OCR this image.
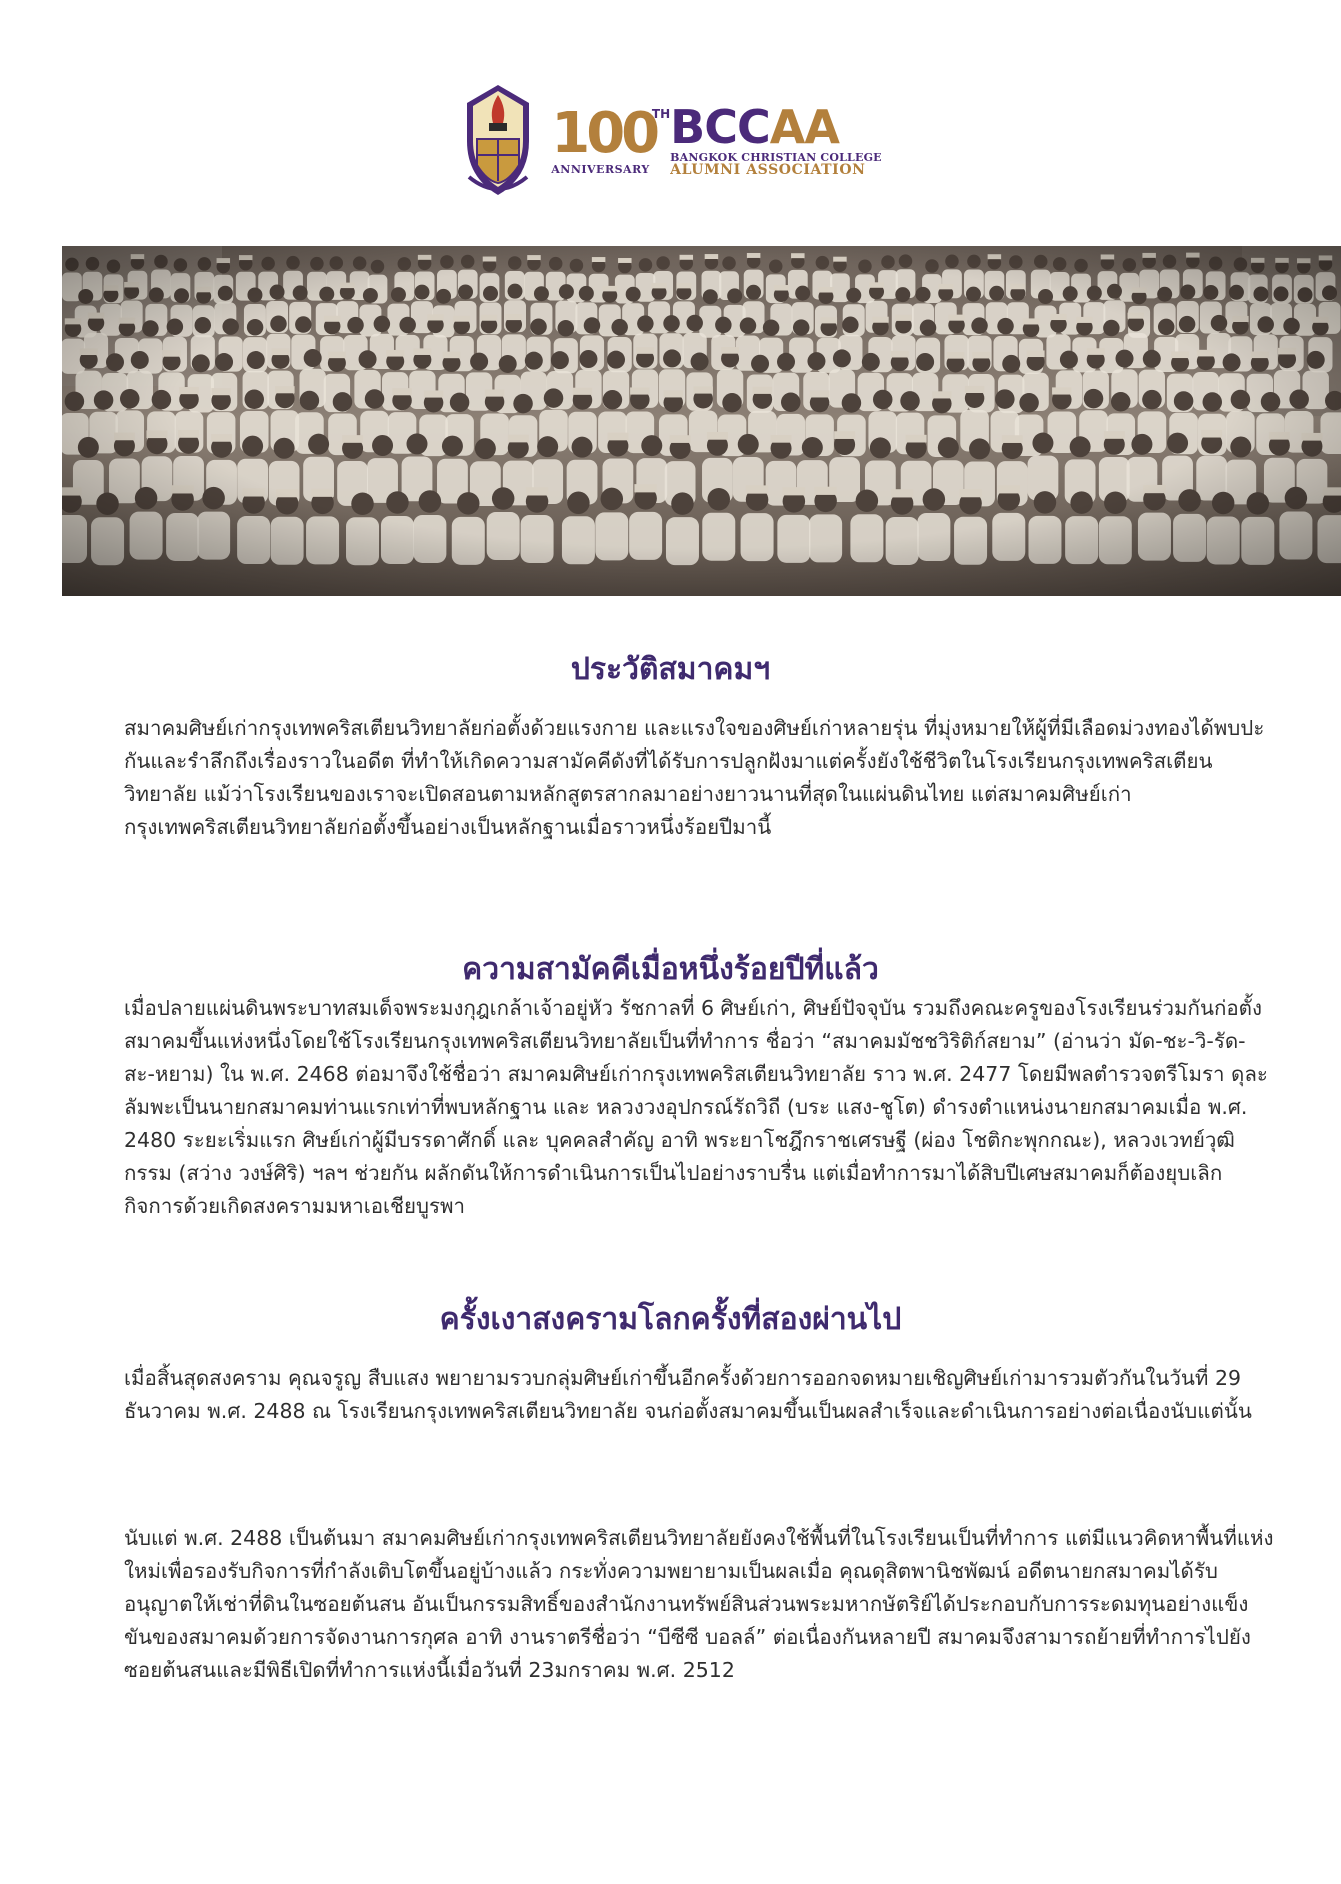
100
TH
ANNIVERSARY
BCCAA
BANGKOK CHRISTIAN COLLEGE
ALUMNI ASSOCIATION
ประวัติสมาคมฯ

สมาคมศิษย์เก่ากรุงเทพคริสเตียนวิทยาลัยก่อตั้งด้วยแรงกาย และแรงใจของศิษย์เก่าหลายรุ่น ที่มุ่งหมายให้ผู้ที่มีเลือดม่วงทองได้พบปะกันและรำลึกถึงเรื่องราวในอดีต ที่ทำให้เกิดความสามัคคีดังที่ได้รับการปลูกฝังมาแต่ครั้งยังใช้ชีวิตในโรงเรียนกรุงเทพคริสเตียนวิทยาลัย แม้ว่าโรงเรียนของเราจะเปิดสอนตามหลักสูตรสากลมาอย่างยาวนานที่สุดในแผ่นดินไทย แต่สมาคมศิษย์เก่ากรุงเทพคริสเตียนวิทยาลัยก่อตั้งขึ้นอย่างเป็นหลักฐานเมื่อราวหนึ่งร้อยปีมานี้

ความสามัคคีเมื่อหนึ่งร้อยปีที่แล้ว

เมื่อปลายแผ่นดินพระบาทสมเด็จพระมงกุฎเกล้าเจ้าอยู่หัว รัชกาลที่ 6 ศิษย์เก่า, ศิษย์ปัจจุบัน รวมถึงคณะครูของโรงเรียนร่วมกันก่อตั้งสมาคมขึ้นแห่งหนึ่งโดยใช้โรงเรียนกรุงเทพคริสเตียนวิทยาลัยเป็นที่ทำการ ชื่อว่า “สมาคมมัชชวิริติก์สยาม” (อ่านว่า มัด-ชะ-วิ-รัด-สะ-หยาม) ใน พ.ศ. 2468 ต่อมาจึงใช้ชื่อว่า สมาคมศิษย์เก่ากรุงเทพคริสเตียนวิทยาลัย ราว พ.ศ. 2477 โดยมีพลตำรวจตรีโมรา ดุละลัมพะเป็นนายกสมาคมท่านแรกเท่าที่พบหลักฐาน และ หลวงวงอุปกรณ์รัถวิถี (บระ แสง-ชูโต) ดำรงตำแหน่งนายกสมาคมเมื่อ พ.ศ. 2480 ระยะเริ่มแรก ศิษย์เก่าผู้มีบรรดาศักดิ์ และ บุคคลสำคัญ อาทิ พระยาโชฎึกราชเศรษฐี (ผ่อง โชติกะพุกกณะ), หลวงเวทย์วุฒิกรรม (สว่าง วงษ์ศิริ) ฯลฯ ช่วยกัน ผลักดันให้การดำเนินการเป็นไปอย่างราบรื่น แต่เมื่อทำการมาได้สิบปีเศษสมาคมก็ต้องยุบเลิกกิจการด้วยเกิดสงครามมหาเอเชียบูรพา

ครั้งเงาสงครามโลกครั้งที่สองผ่านไป

เมื่อสิ้นสุดสงคราม คุณจรูญ สืบแสง พยายามรวบกลุ่มศิษย์เก่าขึ้นอีกครั้งด้วยการออกจดหมายเชิญศิษย์เก่ามารวมตัวกันในวันที่ 29 ธันวาคม พ.ศ. 2488 ณ โรงเรียนกรุงเทพคริสเตียนวิทยาลัย จนก่อตั้งสมาคมขึ้นเป็นผลสำเร็จและดำเนินการอย่างต่อเนื่องนับแต่นั้น

นับแต่ พ.ศ. 2488 เป็นต้นมา สมาคมศิษย์เก่ากรุงเทพคริสเตียนวิทยาลัยยังคงใช้พื้นที่ในโรงเรียนเป็นที่ทำการ แต่มีแนวคิดหาพื้นที่แห่งใหม่เพื่อรองรับกิจการที่กำลังเติบโตขึ้นอยู่บ้างแล้ว กระทั่งความพยายามเป็นผลเมื่อ คุณดุสิตพานิชพัฒน์ อดีตนายกสมาคมได้รับอนุญาตให้เช่าที่ดินในซอยต้นสน อันเป็นกรรมสิทธิ์ของสำนักงานทรัพย์สินส่วนพระมหากษัตริย์ได้ประกอบกับการระดมทุนอย่างแข็งขันของสมาคมด้วยการจัดงานการกุศล อาทิ งานราตรีชื่อว่า “บีซีซี บอลล์” ต่อเนื่องกันหลายปี สมาคมจึงสามารถย้ายที่ทำการไปยังซอยต้นสนและมีพิธีเปิดที่ทำการแห่งนี้เมื่อวันที่ 23มกราคม พ.ศ. 2512
